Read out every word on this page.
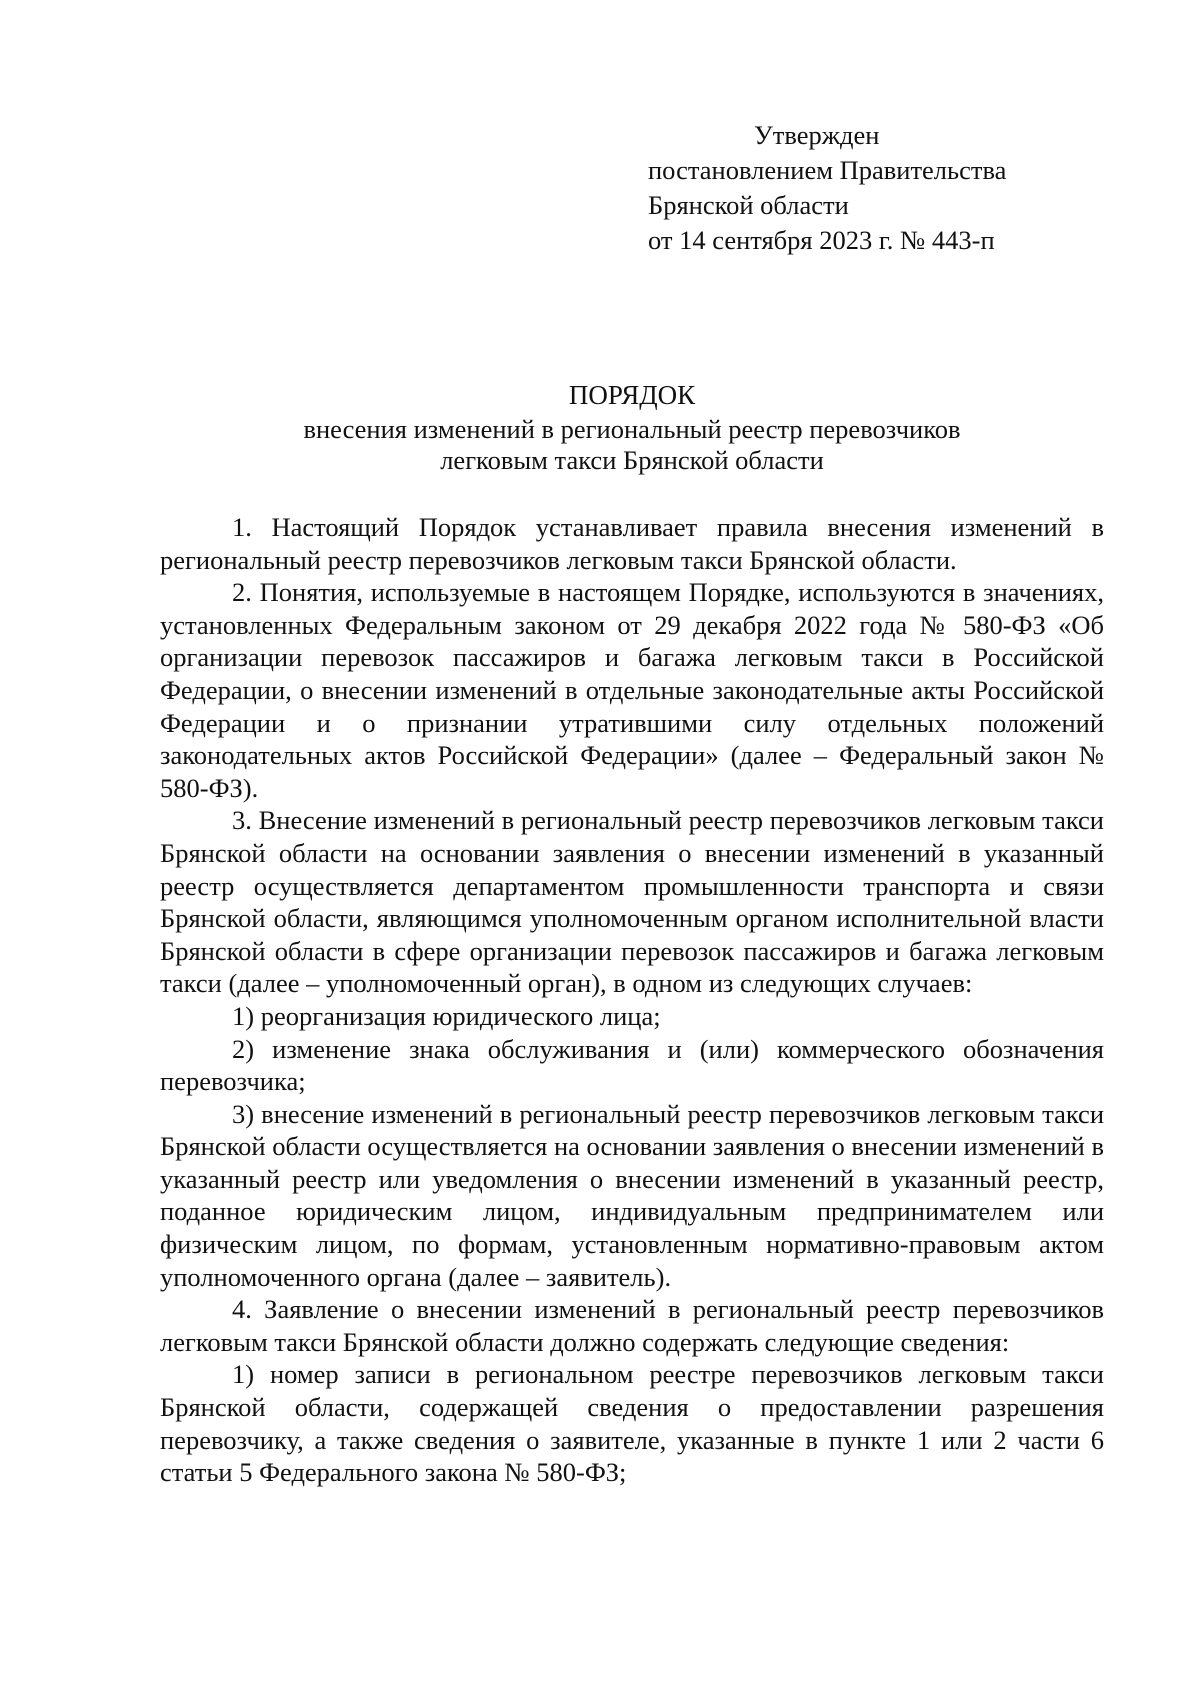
Утвержден
постановлением Правительства
Брянской области
от 14 сентября 2023 г. № 443-п
ПОРЯДОК
внесения изменений в региональный реестр перевозчиков
легковым такси Брянской области

1. Настоящий Порядок устанавливает правила внесения изменений в региональный реестр перевозчиков легковым такси Брянской области.

2. Понятия, используемые в настоящем Порядке, используются в значениях, установленных Федеральным законом от 29 декабря 2022 года № 580-ФЗ «Об организации перевозок пассажиров и багажа легковым такси в Российской Федерации, о внесении изменений в отдельные законодательные акты Российской Федерации и о признании утратившими силу отдельных положений законодательных актов Российской Федерации» (далее – Федеральный закон № 580-ФЗ).

3. Внесение изменений в региональный реестр перевозчиков легковым такси Брянской области на основании заявления о внесении изменений в указанный реестр осуществляется департаментом промышленности транспорта и связи Брянской области, являющимся уполномоченным органом исполнительной власти Брянской области в сфере организации перевозок пассажиров и багажа легковым такси (далее – уполномоченный орган), в одном из следующих случаев:

1) реорганизация юридического лица;

2) изменение знака обслуживания и (или) коммерческого обозначения перевозчика;

3) внесение изменений в региональный реестр перевозчиков легковым такси Брянской области осуществляется на основании заявления о внесении изменений в указанный реестр или уведомления о внесении изменений в указанный реестр, поданное юридическим лицом, индивидуальным предпринимателем или физическим лицом, по формам, установленным нормативно-правовым актом уполномоченного органа (далее – заявитель).

4. Заявление о внесении изменений в региональный реестр перевозчиков легковым такси Брянской области должно содержать следующие сведения:

1) номер записи в региональном реестре перевозчиков легковым такси Брянской области, содержащей сведения о предоставлении разрешения перевозчику, а также сведения о заявителе, указанные в пункте 1 или 2 части 6 статьи 5 Федерального закона № 580-ФЗ;
